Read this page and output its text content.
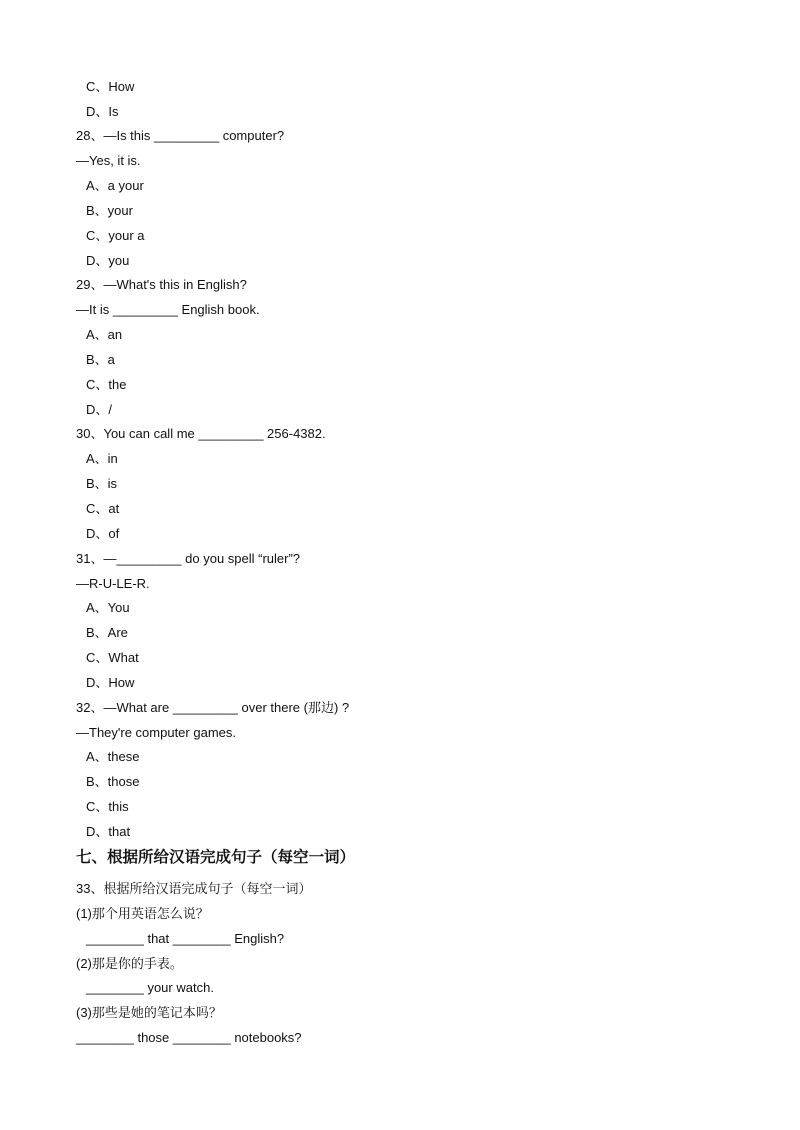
C、How
D、Is
28、—Is this _________ computer?
—Yes, it is.
A、a your
B、your
C、your a
D、you
29、—What's this in English?
—It is _________ English book.
A、an
B、a
C、the
D、/
30、You can call me _________ 256-4382.
A、in
B、is
C、at
D、of
31、—_________ do you spell “ruler”?
—R-U-LE-R.
A、You
B、Are
C、What
D、How
32、—What are _________ over there (那边) ?
—They're computer games.
A、these
B、those
C、this
D、that
七、根据所给汉语完成句子（每空一词）
33、根据所给汉语完成句子（每空一词）
(1)那个用英语怎么说？
________ that ________ English?
(2)那是你的手表。
________ your watch.
(3)那些是她的笔记本吗？
________ those ________ notebooks?
